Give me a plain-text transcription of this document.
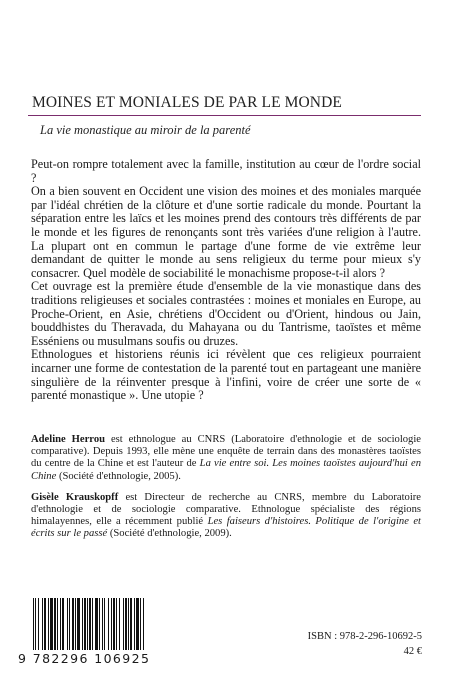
MOINES ET MONIALES DE PAR LE MONDE
La vie monastique au miroir de la parenté

Peut-on rompre totalement avec la famille, institution au cœur de l'ordre social ?

On a bien souvent en Occident une vision des moines et des moniales marquée par l'idéal chrétien de la clôture et d'une sortie radicale du monde. Pourtant la séparation entre les laïcs et les moines prend des contours très différents de par le monde et les figures de renonçants sont très variées d'une religion à l'autre. La plupart ont en commun le partage d'une forme de vie extrême leur demandant de quitter le monde au sens religieux du terme pour mieux s'y consacrer. Quel modèle de sociabilité le monachisme propose-t-il alors ?

Cet ouvrage est la première étude d'ensemble de la vie monastique dans des traditions religieuses et sociales contrastées : moines et moniales en Europe, au Proche-Orient, en Asie, chrétiens d'Occident ou d'Orient, hindous ou Jain, bouddhistes du Theravada, du Mahayana ou du Tantrisme, taoïstes et même Esséniens ou musulmans soufis ou druzes.

Ethnologues et historiens réunis ici révèlent que ces religieux pourraient incarner une forme de contestation de la parenté tout en partageant une manière singulière de la réinventer presque à l'infini, voire de créer une sorte de « parenté monastique ». Une utopie ?

Adeline Herrou est ethnologue au CNRS (Laboratoire d'ethnologie et de sociologie comparative). Depuis 1993, elle mène une enquête de terrain dans des monastères taoïstes du centre de la Chine et est l'auteur de La vie entre soi. Les moines taoïstes aujourd'hui en Chine (Société d'ethnologie, 2005).

Gisèle Krauskopff est Directeur de recherche au CNRS, membre du Laboratoire d'ethnologie et de sociologie comparative. Ethnologue spécialiste des régions himalayennes, elle a récemment publié Les faiseurs d'histoires. Politique de l'origine et écrits sur le passé (Société d'ethnologie, 2009).

9 782296 106925
ISBN : 978-2-296-10692-5
42 €
